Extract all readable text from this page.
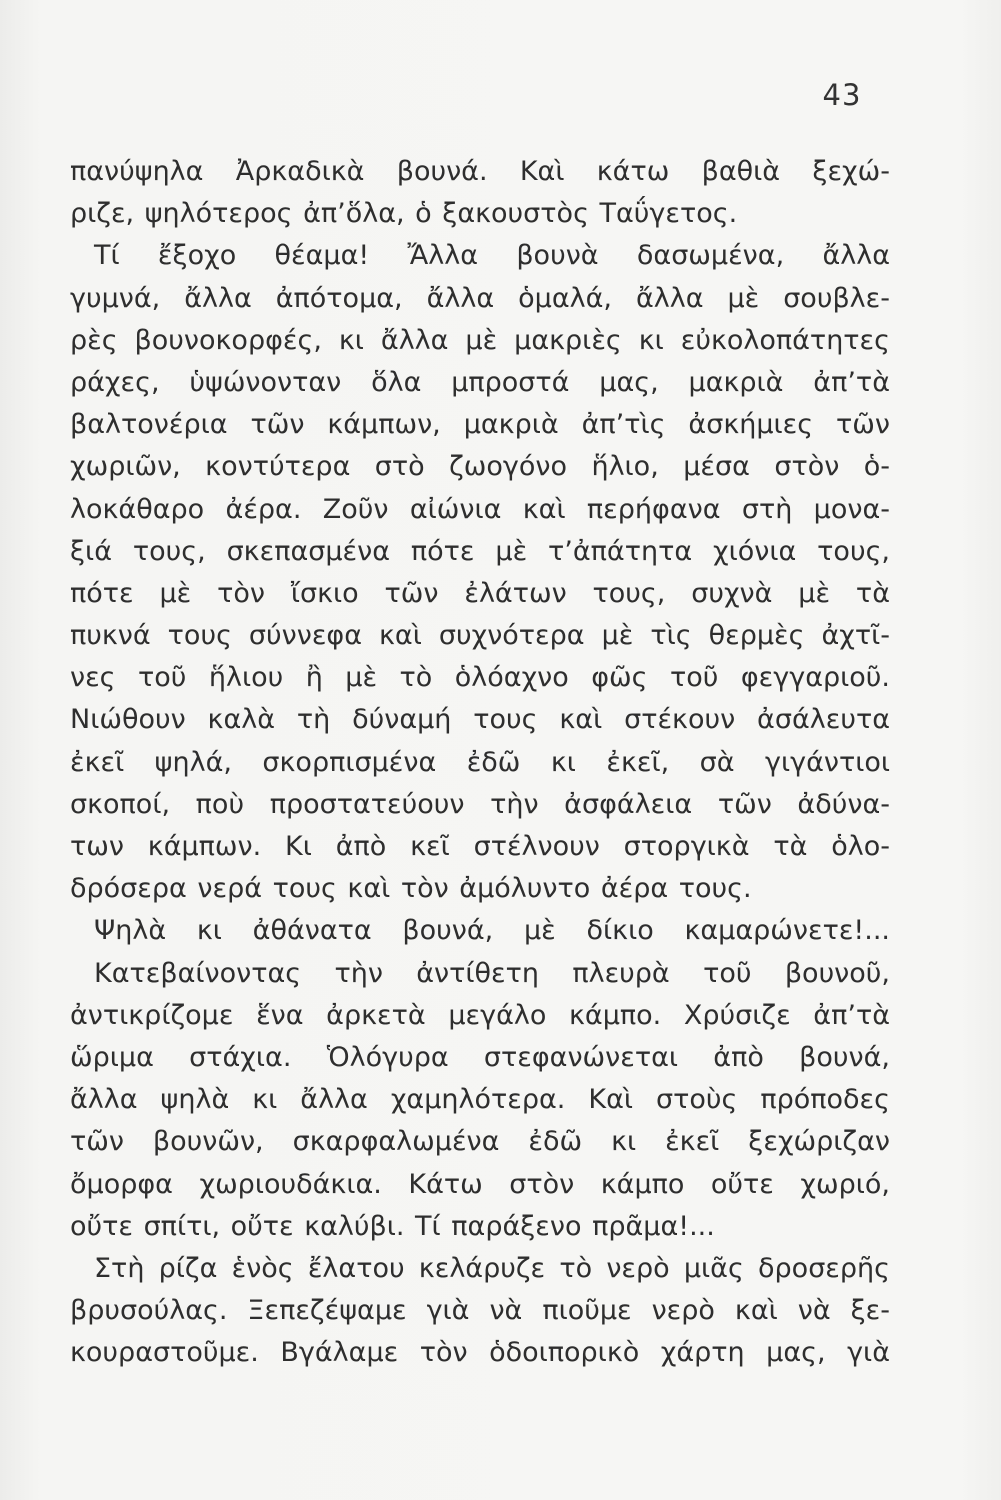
43
πανύψηλα Ἀρκαδικὰ βουνά. Καὶ κάτω βαθιὰ ξεχώ-
ριζε, ψηλότερος ἀπ’ὅλα, ὁ ξακουστὸς Ταΰγετος.
Τί ἔξοχο θέαμα! Ἄλλα βουνὰ δασωμένα, ἄλλα
γυμνά, ἄλλα ἀπότομα, ἄλλα ὁμαλά, ἄλλα μὲ σουβλε-
ρὲς βουνοκορφές, κι ἄλλα μὲ μακριὲς κι εὐκολοπάτητες
ράχες, ὑψώνονταν ὅλα μπροστά μας, μακριὰ ἀπ’τὰ
βαλτονέρια τῶν κάμπων, μακριὰ ἀπ’τὶς ἀσκήμιες τῶν
χωριῶν, κοντύτερα στὸ ζωογόνο ἥλιο, μέσα στὸν ὁ-
λοκάθαρο ἀέρα. Ζοῦν αἰώνια καὶ περήφανα στὴ μονα-
ξιά τους, σκεπασμένα πότε μὲ τ’ἀπάτητα χιόνια τους,
πότε μὲ τὸν ἴσκιο τῶν ἐλάτων τους, συχνὰ μὲ τὰ
πυκνά τους σύννεφα καὶ συχνότερα μὲ τὶς θερμὲς ἀχτῖ-
νες τοῦ ἥλιου ἢ μὲ τὸ ὁλόαχνο φῶς τοῦ φεγγαριοῦ.
Νιώθουν καλὰ τὴ δύναμή τους καὶ στέκουν ἀσάλευτα
ἐκεῖ ψηλά, σκορπισμένα ἐδῶ κι ἐκεῖ, σὰ γιγάντιοι
σκοποί, ποὺ προστατεύουν τὴν ἀσφάλεια τῶν ἀδύνα-
των κάμπων. Κι ἀπὸ κεῖ στέλνουν στοργικὰ τὰ ὁλο-
δρόσερα νερά τους καὶ τὸν ἀμόλυντο ἀέρα τους.
Ψηλὰ κι ἀθάνατα βουνά, μὲ δίκιο καμαρώνετε!...
Κατεβαίνοντας τὴν ἀντίθετη πλευρὰ τοῦ βουνοῦ,
ἀντικρίζομε ἕνα ἀρκετὰ μεγάλο κάμπο. Χρύσιζε ἀπ’τὰ
ὥριμα στάχια. Ὁλόγυρα στεφανώνεται ἀπὸ βουνά,
ἄλλα ψηλὰ κι ἄλλα χαμηλότερα. Καὶ στοὺς πρόποδες
τῶν βουνῶν, σκαρφαλωμένα ἐδῶ κι ἐκεῖ ξεχώριζαν
ὄμορφα χωριουδάκια. Κάτω στὸν κάμπο οὔτε χωριό,
οὔτε σπίτι, οὔτε καλύβι. Τί παράξενο πρᾶμα!...
Στὴ ρίζα ἑνὸς ἔλατου κελάρυζε τὸ νερὸ μιᾶς δροσερῆς
βρυσούλας. Ξεπεζέψαμε γιὰ νὰ πιοῦμε νερὸ καὶ νὰ ξε-
κουραστοῦμε. Βγάλαμε τὸν ὁδοιπορικὸ χάρτη μας, γιὰ
